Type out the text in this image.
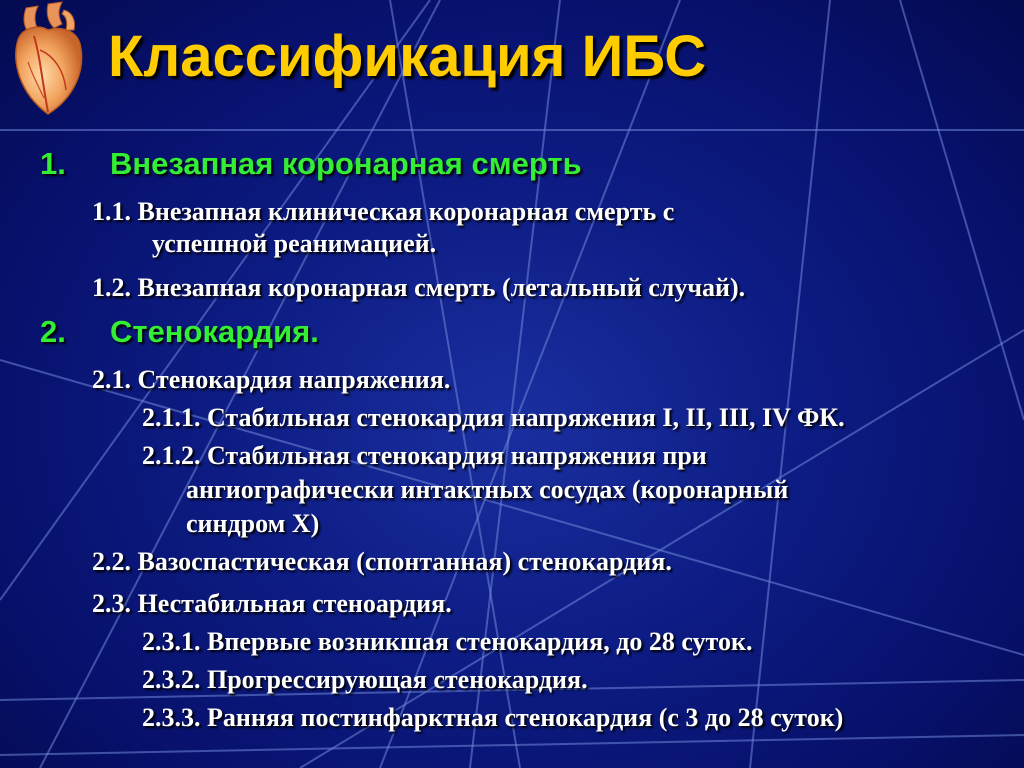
Классификация ИБС
1. Внезапная коронарная смерть
1.1. Внезапная клиническая коронарная смерть с
успешной реанимацией.
1.2. Внезапная коронарная смерть (летальный случай).
2. Стенокардия.
2.1. Стенокардия напряжения.
2.1.1. Стабильная стенокардия напряжения I, II, III, IV ФК.
2.1.2. Стабильная стенокардия напряжения при
ангиографически интактных сосудах (коронарный
синдром X)
2.2. Вазоспастическая (спонтанная) стенокардия.
2.3. Нестабильная стеноардия.
2.3.1. Впервые возникшая стенокардия, до 28 суток.
2.3.2. Прогрессирующая стенокардия.
2.3.3. Ранняя постинфарктная стенокардия (с 3 до 28 суток)
